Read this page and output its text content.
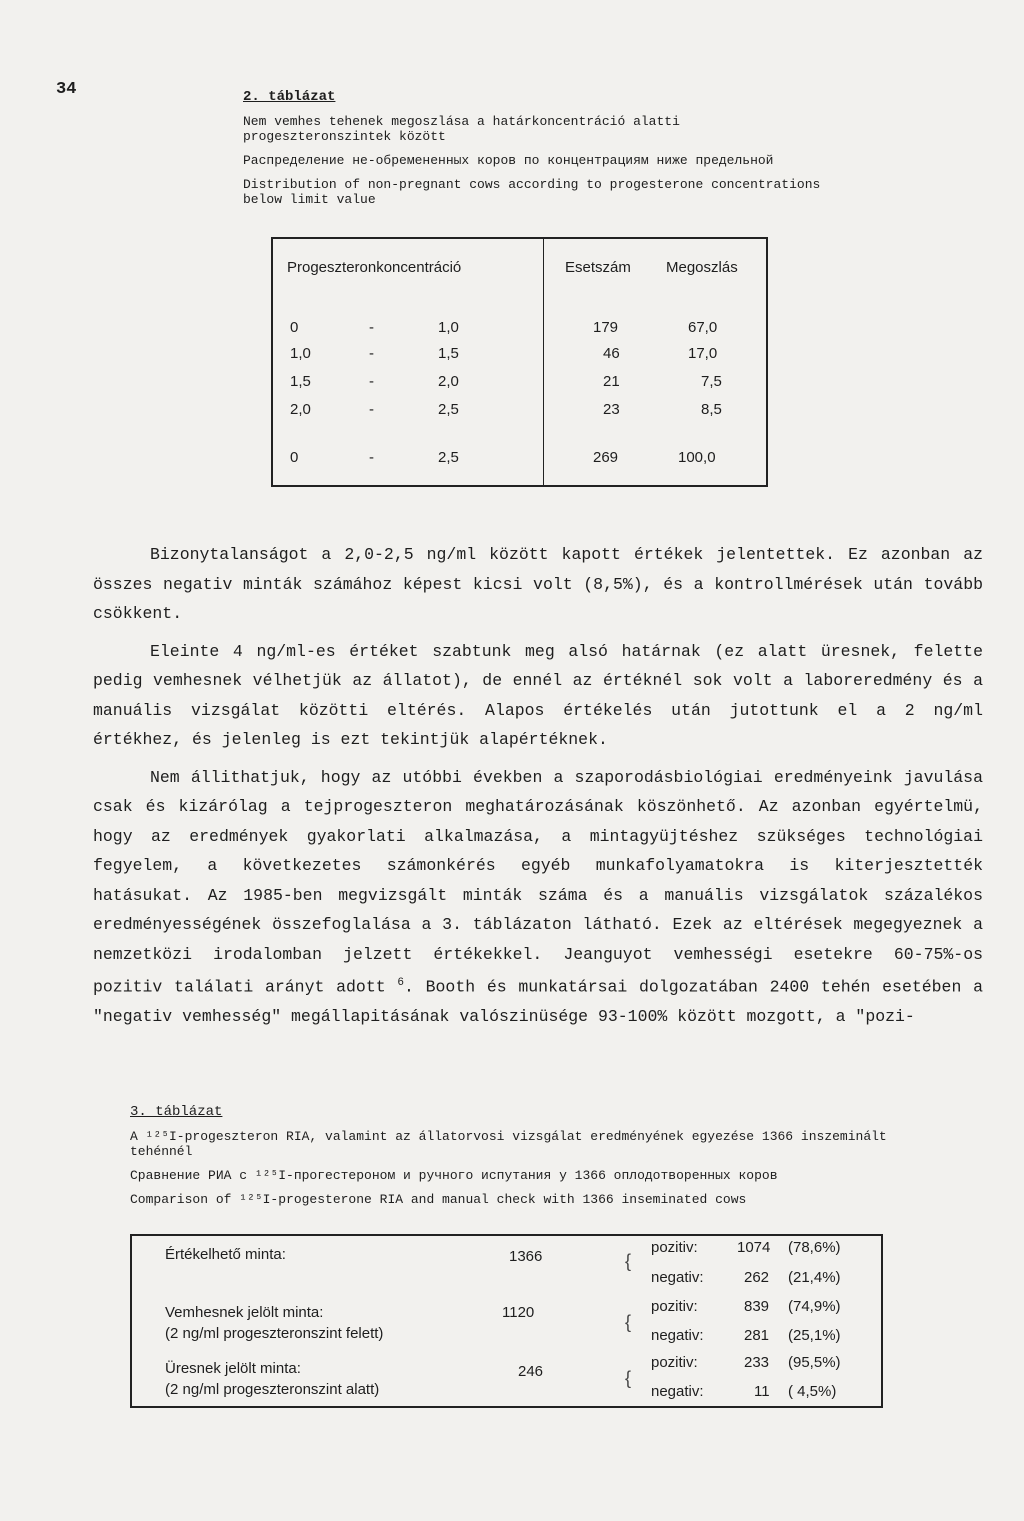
34	2. táblázat

Nem vemhes tehenek megoszlása a határkoncentráció alatti progeszteronszintek között

Распределение не-обремененных коров по концентрациям ниже предельной

Distribution of non-pregnant cows according to progesterone concentrations below limit value

Progeszteronkoncentráció	Esetszám Megoszlás
0	-	1,0	179	67,0
1,0	-	1,5	46	17,0
1,5	-	2,0	21	7,5
2,0	-	2,5	23	8,5
0	-	2,5	269	100,0

Bizonytalanságot a 2,0-2,5 ng/ml között kapott értékek jelentettek. Ez azonban az összes negativ minták számához képest kicsi volt (8,5%), és a kontrollmérések után tovább csökkent.

Eleinte 4 ng/ml-es értéket szabtunk meg alsó határnak (ez alatt üresnek, felette pedig vemhesnek vélhetjük az állatot), de ennél az értéknél sok volt a laboreredmény és a manuális vizsgálat közötti eltérés. Alapos értékelés után jutottunk el a 2 ng/ml értékhez, és jelenleg is ezt tekintjük alapértéknek.

Nem állithatjuk, hogy az utóbbi években a szaporodásbiológiai eredményeink javulása csak és kizárólag a tejprogeszteron meghatározásának köszönhető. Az azonban egyértelmü, hogy az eredmények gyakorlati alkalmazása, a mintagyüjtéshez szükséges technológiai fegyelem, a következetes számonkérés egyéb munkafolyamatokra is kiterjesztették hatásukat. Az 1985-ben megvizsgált minták száma és a manuális vizsgálatok százalékos eredményességének összefoglalása a 3. táblázaton látható. Ezek az eltérések megegyeznek a nemzetközi irodalomban jelzett értékekkel. Jeanguyot vemhességi esetekre 60-75%-os pozitiv találati arányt adott $^6$. Booth és munkatársai dolgozatában 2400 tehén esetében a "negativ vemhesség" megállapitásának valószinüsége 93-100% között mozgott, a "pozi-

3. táblázat

A ¹²⁵I-progeszteron RIA, valamint az állatorvosi vizsgálat eredményének egyezése 1366 inszeminált tehénnél

Сравнение РИА с ¹²⁵I-прогестероном и ручного испутания у 1366 оплодотворенных коров

Comparison of ¹²⁵I-progesterone RIA and manual check with 1366 inseminated cows

Értékelhető minta:	1366	{
pozitiv:	1074 (78,6%)
negativ:	262 (21,4%)
Vemhesnek jelölt minta:
(2 ng/ml progeszteronszint felett)
1120	{
pozitiv:	839 (74,9%)
negativ:	281 (25,1%)
Üresnek jelölt minta:
(2 ng/ml progeszteronszint alatt)
246	{
pozitiv:	233 (95,5%)
negativ:	11 ( 4,5%)
